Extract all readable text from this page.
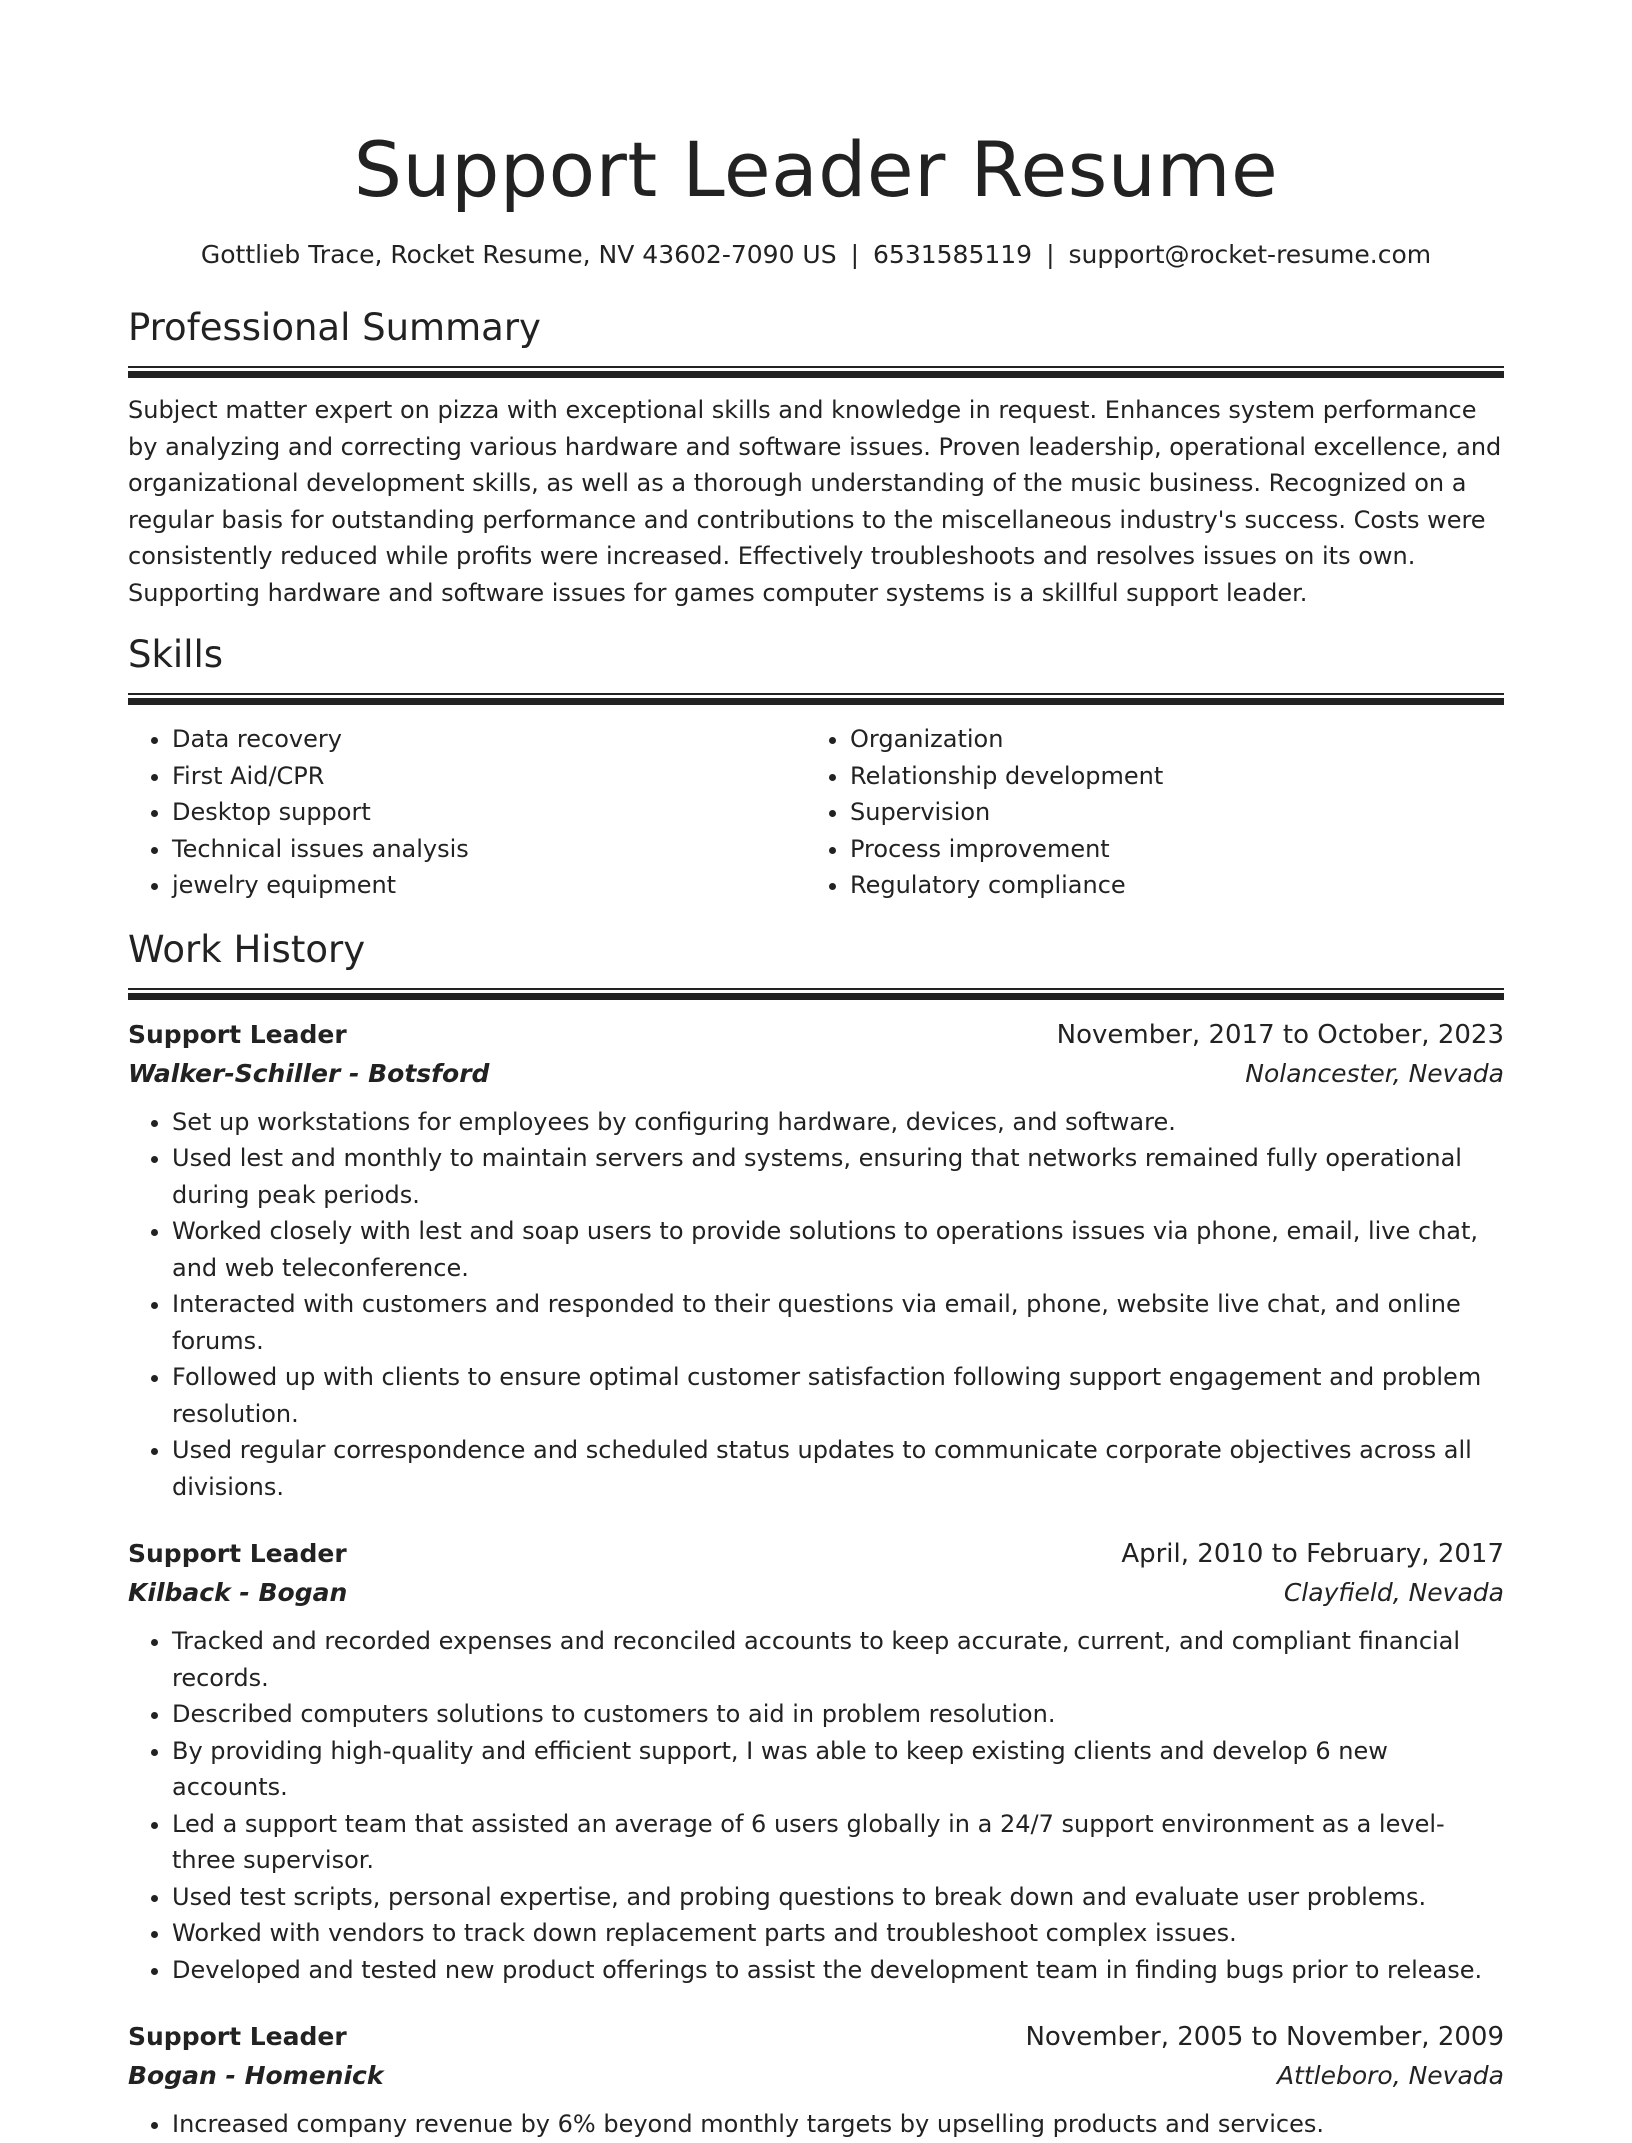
Support Leader Resume
Gottlieb Trace, Rocket Resume, NV 43602-7090 US | 6531585119 | support@rocket-resume.com
Professional Summary

Subject matter expert on pizza with exceptional skills and knowledge in request. Enhances system performance by analyzing and correcting various hardware and software issues. Proven leadership, operational excellence, and organizational development skills, as well as a thorough understanding of the music business. Recognized on a regular basis for outstanding performance and contributions to the miscellaneous industry's success. Costs were consistently reduced while profits were increased. Effectively troubleshoots and resolves issues on its own. Supporting hardware and software issues for games computer systems is a skillful support leader.

Skills
• Data recovery
• First Aid/CPR
• Desktop support
• Technical issues analysis
• jewelry equipment
• Organization
• Relationship development
• Supervision
• Process improvement
• Regulatory compliance
Work History
Support Leader	November, 2017 to October, 2023
Walker-Schiller - Botsford	Nolancester, Nevada
• Set up workstations for employees by configuring hardware, devices, and software.
• Used lest and monthly to maintain servers and systems, ensuring that networks remained fully operational during peak periods.
• Worked closely with lest and soap users to provide solutions to operations issues via phone, email, live chat, and web teleconference.
• Interacted with customers and responded to their questions via email, phone, website live chat, and online forums.
• Followed up with clients to ensure optimal customer satisfaction following support engagement and problem resolution.
• Used regular correspondence and scheduled status updates to communicate corporate objectives across all divisions.
Support Leader	April, 2010 to February, 2017
Kilback - Bogan	Clayfield, Nevada
• Tracked and recorded expenses and reconciled accounts to keep accurate, current, and compliant financial records.
• Described computers solutions to customers to aid in problem resolution.
• By providing high-quality and efficient support, I was able to keep existing clients and develop 6 new accounts.
• Led a support team that assisted an average of 6 users globally in a 24/7 support environment as a level-three supervisor.
• Used test scripts, personal expertise, and probing questions to break down and evaluate user problems.
• Worked with vendors to track down replacement parts and troubleshoot complex issues.
• Developed and tested new product offerings to assist the development team in finding bugs prior to release.
Support Leader	November, 2005 to November, 2009
Bogan - Homenick	Attleboro, Nevada
• Increased company revenue by 6% beyond monthly targets by upselling products and services.
